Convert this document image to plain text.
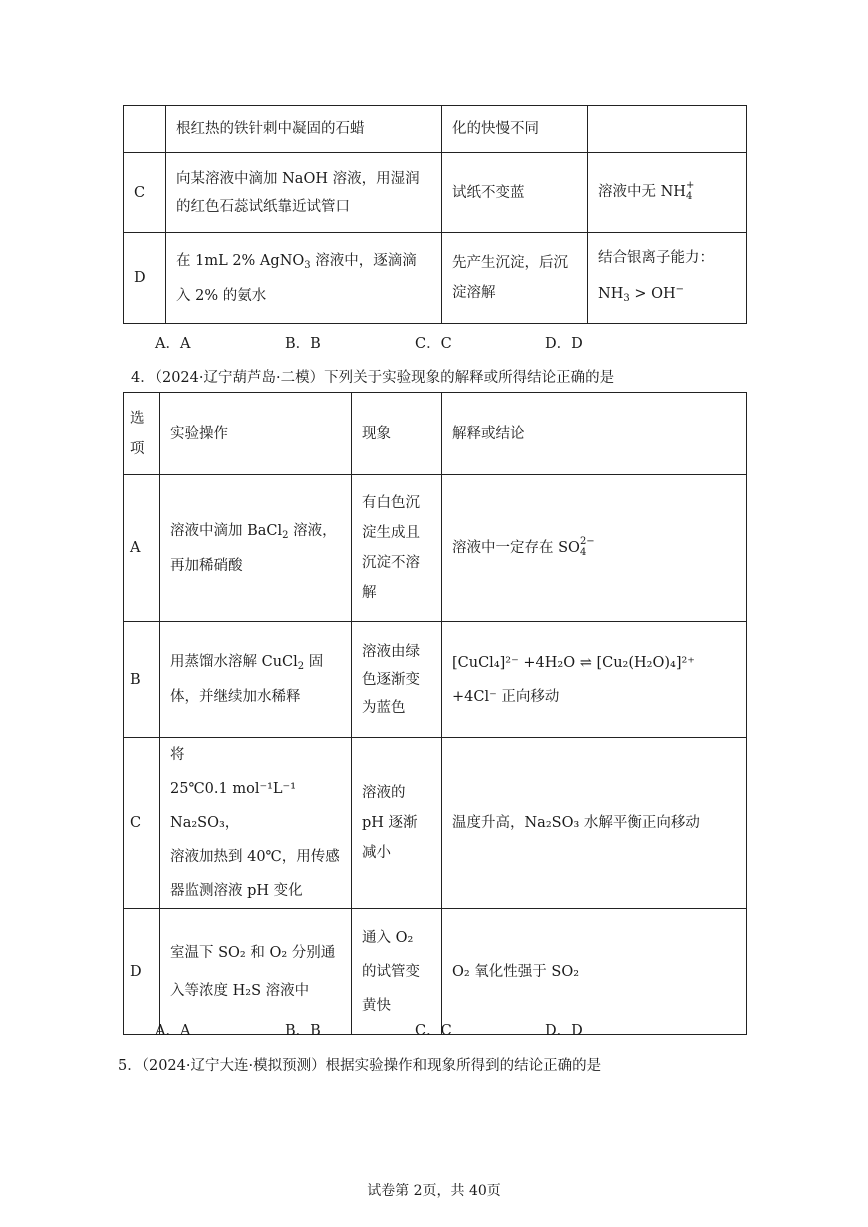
	根红热的铁针刺中凝固的石蜡	化的快慢不同	
C	向某溶液中滴加 NaOH 溶液，用湿润的红色石蕊试纸靠近试管口	试纸不变蓝	溶液中无 $NH+_4$
D	在 1mL 2% AgNO$_3$ 溶液中，逐滴滴入 2% 的氨水	先产生沉淀，后沉淀溶解	结合银离子能力：
$NH_3 > OH^-$
A．A	B．B	C．C	D．D
4．（2024·辽宁葫芦岛·二模）下列关于实验现象的解释或所得结论正确的是
选项	实验操作	现象	解释或结论
A	溶液中滴加 BaCl$_2$ 溶液，再加稀硝酸	有白色沉淀生成且沉淀不溶解	溶液中一定存在 $SO2-_4$
B	用蒸馏水溶解 CuCl$_2$ 固体，并继续加水稀释	溶液由绿色逐渐变为蓝色	[CuCl₄]²⁻ +4H₂O ⇌ [Cu₂(H₂O)₄]²⁺ +4Cl⁻ 正向移动
C	将
25℃0.1 mol⁻¹L⁻¹ Na₂SO₃，
溶液加热到 40℃，用传感器监测溶液 pH 变化	溶液的 pH 逐渐减小	温度升高，Na₂SO₃ 水解平衡正向移动
D	室温下 SO₂ 和 O₂ 分别通入等浓度 H₂S 溶液中	通入 O₂ 的试管变黄快	O₂ 氧化性强于 SO₂
A．A	B．B	C．C	D．D
5．（2024·辽宁大连·模拟预测）根据实验操作和现象所得到的结论正确的是
试卷第 2页，共 40页
